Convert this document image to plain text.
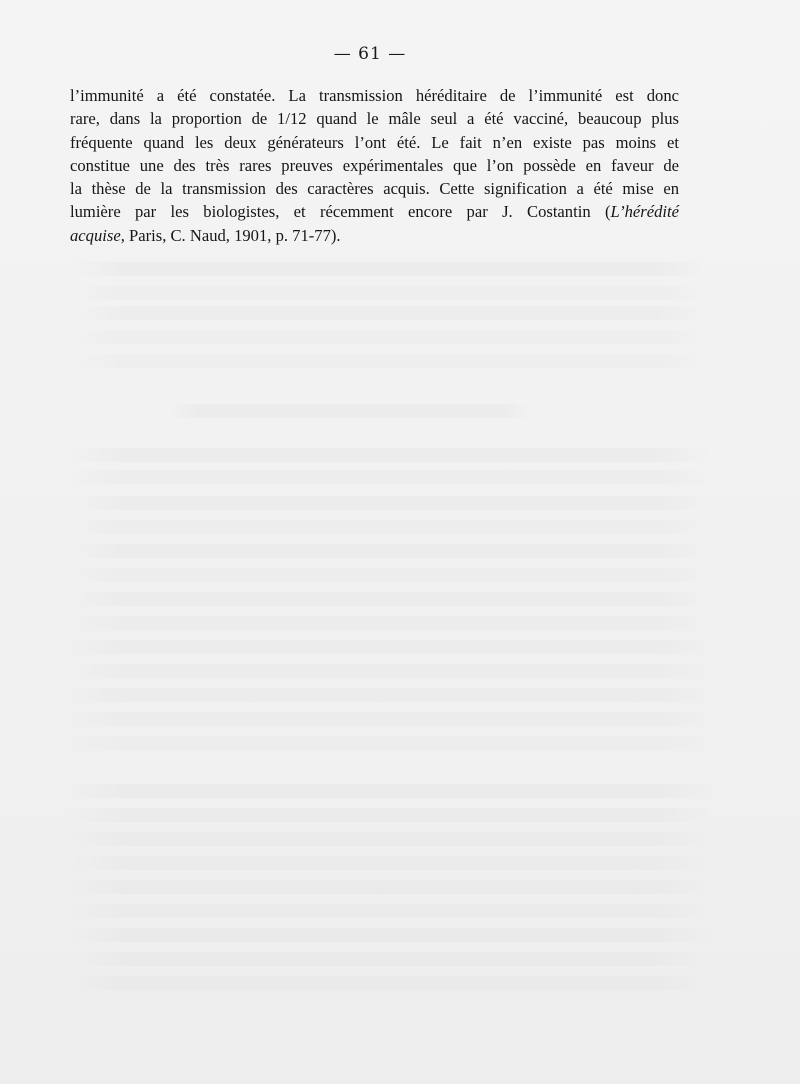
— 61 —
l’immunité a été constatée. La transmission héréditaire de l’immunité est donc
rare, dans la proportion de 1/12 quand le mâle seul a été vacciné, beaucoup plus
fréquente quand les deux générateurs l’ont été. Le fait n’en existe pas moins et
constitue une des très rares preuves expérimentales que l’on possède en faveur de
la thèse de la transmission des caractères acquis. Cette signification a été mise en
lumière par les biologistes, et récemment encore par J. Costantin (L’hérédité
acquise, Paris, C. Naud, 1901, p. 71-77).
